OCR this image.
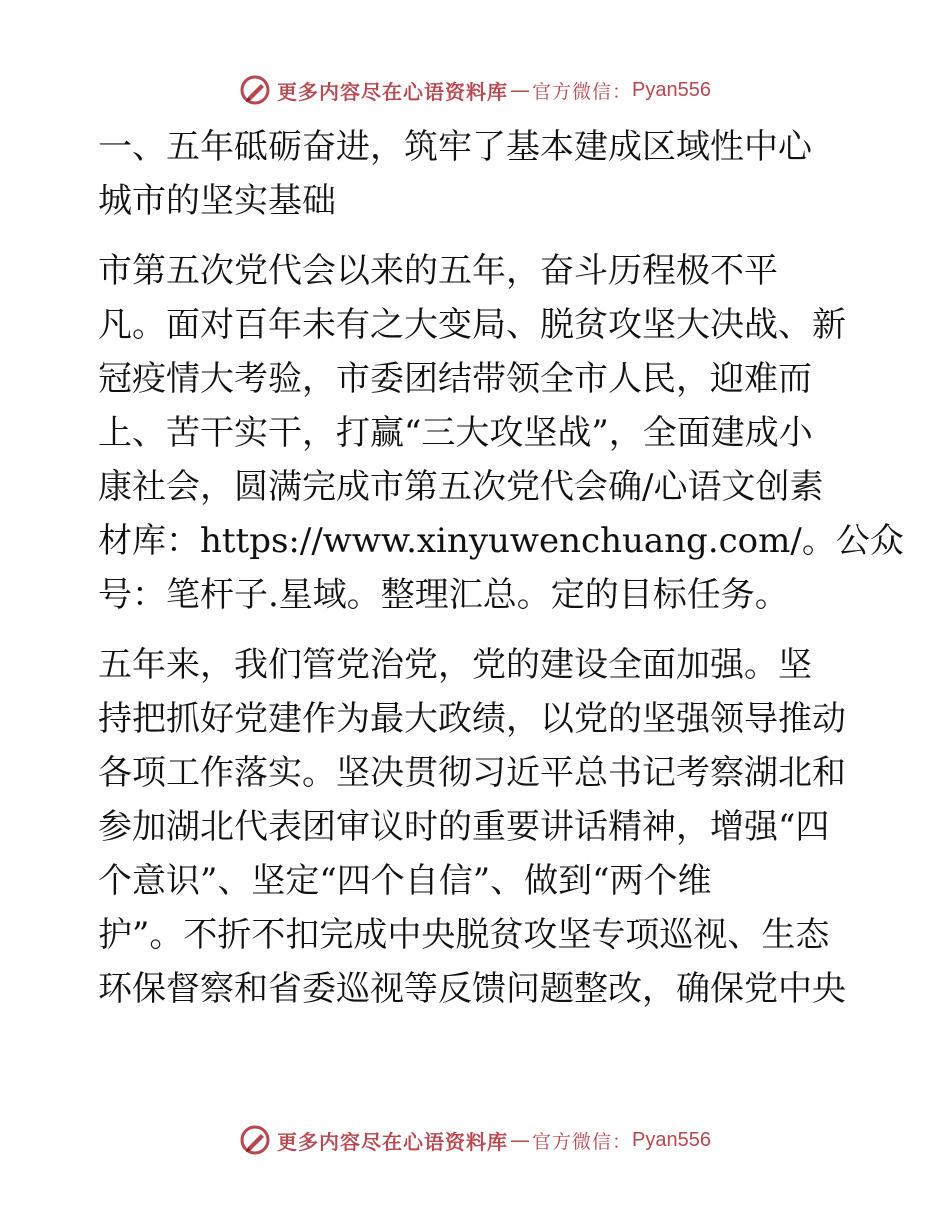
更多内容尽在心语资料库 — 官方微信： Pyan556

一、五年砥砺奋进，筑牢了基本建成区域性中心

城市的坚实基础

市第五次党代会以来的五年，奋斗历程极不平

凡。面对百年未有之大变局、脱贫攻坚大决战、新

冠疫情大考验，市委团结带领全市人民，迎难而

上、苦干实干，打赢“三大攻坚战”，全面建成小

康社会，圆满完成市第五次党代会确/心语文创素

材库：https://www.xinyuwenchuang.com/。公众

号：笔杆子.星域。整理汇总。定的目标任务。

五年来，我们管党治党，党的建设全面加强。坚

持把抓好党建作为最大政绩，以党的坚强领导推动

各项工作落实。坚决贯彻习近平总书记考察湖北和

参加湖北代表团审议时的重要讲话精神，增强“四

个意识”、坚定“四个自信”、做到“两个维

护”。不折不扣完成中央脱贫攻坚专项巡视、生态

环保督察和省委巡视等反馈问题整改，确保党中央

更多内容尽在心语资料库 — 官方微信： Pyan556
